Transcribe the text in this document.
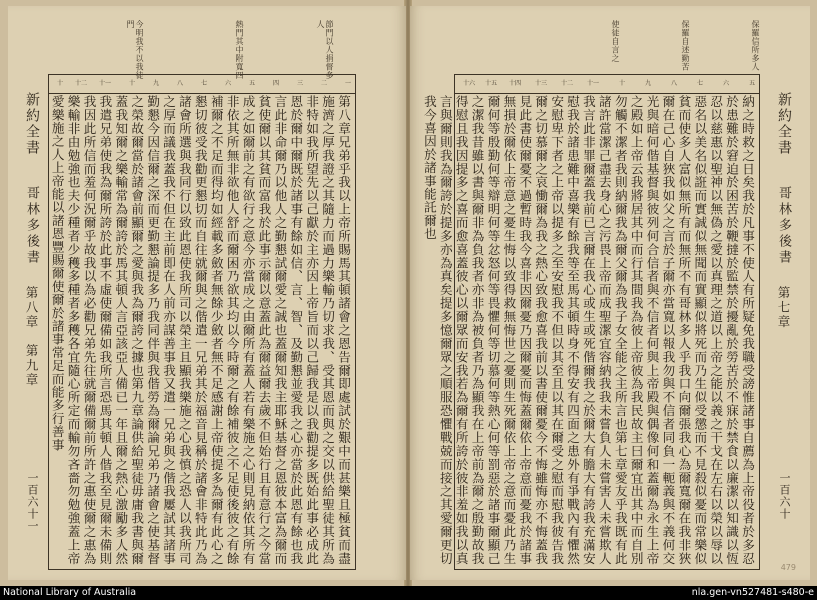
節門以人捐督多人
熱門其中附寬四
今明我不以我徒門
一
二
三
四
五
六
七
八
九
十
十一
十二
十
第八章兄弟乎我以上帝所賜馬其頓諸會之恩告爾即處試於艱中而甚樂且極貧而盡施濟之厚我證之其隨力而過力樂輸乃切求我、受其恩而與之交以供給聖徒其所為非特如我所望先以己獻於主亦因上帝旨而以己歸我是以我勸提多既始此事必成此恩於爾中爾既於諸事有餘如信、言、智、及勤懇並愛我之心亦當於此恩有餘也我言此非命爾乃以他人之勤懇試爾愛之誠也蓋爾知我主耶穌基督之恩彼本富為爾而貧使爾以其貧而富我於此事示爾以意蓋此為爾益爾去歲不但始行且有意行之今當成之如爾前之有欲行之意今亦當成之由爾所有蓋人若有樂施之心則見納依其所有非依其所無非欲他人舒而爾困乃欲其均以今時爾之有餘補彼之不足使後彼之有餘補爾之不足而得均如經載多斂者無餘少斂者無不足感謝上帝使提多為爾有此心之懇切彼受我勸更懇切而自往就爾與之偕遣一兄弟其於福音見稱於諸會非特此乃為諸會所選與我同行以致此恩使我所司以榮主且顯我樂施之心我慎之恐人以我所司之厚而議我蓋我不但在主前即在人前亦謀善事我又遣一兄弟與之偕我屢試其諸事勤懇今因信爾之深而更勤懇論提多乃我同伴與我偕勞為爾論兄弟乃諸會之使基督之榮故爾當於諸會前顯爾之愛與我為爾誇之據也第九章論供給聖徒毋庸我書與爾蓋我知爾之樂輸常為爾誇於馬其頓人言亞該亞人備已一年且爾之熱心激勵多人然我遣兄弟使我為爾所誇於此事不虛使爾備如我所言恐馬其頓人偕我至見爾未備則我因此所信而羞何況爾乎故我以為必勸兄弟先往就爾備爾前所許之惠使爾之惠為樂輸非由勉強也夫少種者少穫多種者多穫各宜隨心所定而輸勿吝嗇勿勉強蓋上帝愛樂施之人上帝能以諸恩豐賜爾使爾於諸事常足而能多行善事
新約全書
哥林多後書
第八章　第九章
一百六十一
保羅信所多人
保羅自述勤苦
使徒自言之
五
六
七
八
九
十
十一
十二
十三
十四
十五
十六
納之時救之日矣我於凡事不使人有所疑免我職受謗惟諸事自薦為上帝役者於多忍於患難於窘迫於困苦於鞭撻於監禁於擾亂於勞苦於不寐於禁食以廉潔以知識以恆忍以慈惠以聖神以無偽之愛以真理之道以上帝之能以義之干戈在左右以榮以辱以惡名以美名似誑而實誠似無聞而實顯似將死而乃生似受懲而不見殺似憂而常樂似貧而使多人富似無所有而無所不有哥林多人乎我口向爾張我心為爾寬爾在我非狹爾在己心自狹我如父之言於子爾亦當寬以報我勿與不信者同負一軛義與不義何交光與暗何偕基督與彼列何合信者與不信者何與上帝殿與偶像何和蓋爾為永生上帝之殿如上帝云我將居其中而行其間我為彼上帝彼為我民故主曰爾宜出其中而自別勿觸不潔者我則納爾我為爾父爾為我子女全能之主所言也第七章愛友乎我既有此諸許當潔己盡去身心之污畏上帝而成聖潔宜容納我我未嘗負人未嘗害人未嘗欺人我言此非罪爾蓋我前已言爾在我心或生或死偕爾我之於爾大有膽大有誇我充滿安慰我於諸患難中喜樂有餘我等至馬其頓時身不得安有四面之患外有爭戰內有懼然安慰卑下者之上帝以提多之至安慰我不但以其至且以其在爾受之慰而慰我彼告我爾之切慕爾之哀慟爾為我之熱心致我愈喜我前以書使爾憂今不悔雖悔亦不悔蓋我見此書使爾憂不過暫時我今喜非因爾憂乃因爾憂而悔蓋爾依上帝意而憂我於諸事無損於爾依上帝意之憂生悔以致得救無悔世之憂則生死爾依上帝之意而憂此乃生爾何等殷勤何等辯明何等忿怒何等畏懼何等切慕何等熱心何等罰惡於諸事爾顯己之潔我昔雖以書與爾非為負我者亦非為被負者乃為顯我在上帝前為爾之殷勤故我得慰且我因提多之喜而愈喜蓋彼心以爾眾而安我若為爾有所誇於彼非羞如我以真言與爾則我為爾誇於提多亦為真矣提多憶爾眾之順服恐懼戰兢而接之其愛爾更切我今喜因於諸事能託爾也	新約全書
哥林多後書
第七章
一百六十
479
National Library of Australia	nla.gen-vn527481-s480-e
